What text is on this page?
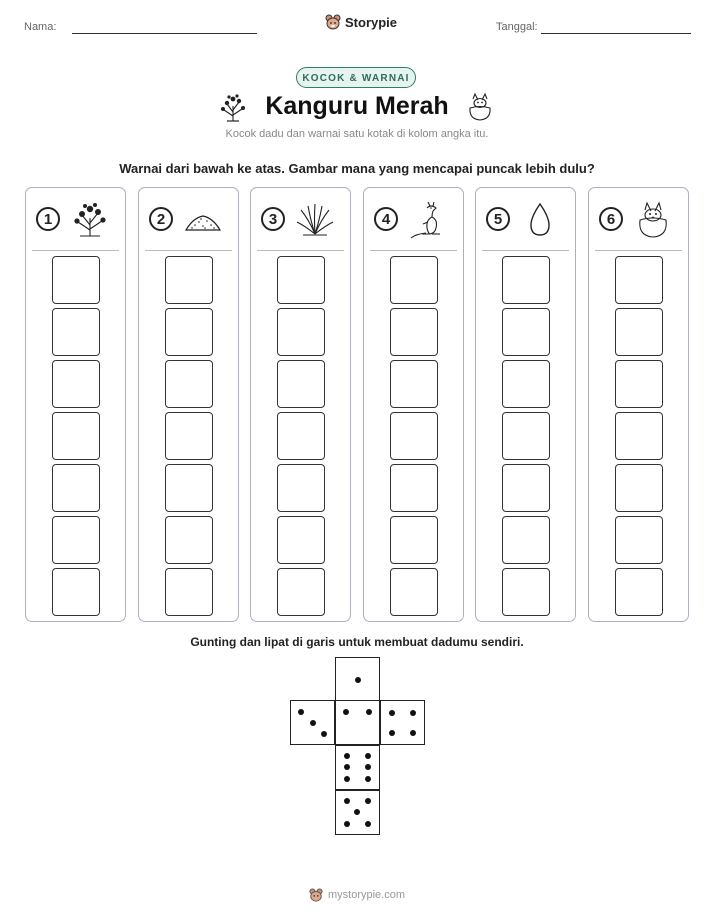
Nama:	Storypie	Tanggal:
KOCOK & WARNAI
Kanguru Merah
Kocok dadu dan warnai satu kotak di kolom angka itu.
Warnai dari bawah ke atas. Gambar mana yang mencapai puncak lebih dulu?
1	2	3	4	5	6
Gunting dan lipat di garis untuk membuat dadumu sendiri.
mystorypie.com
